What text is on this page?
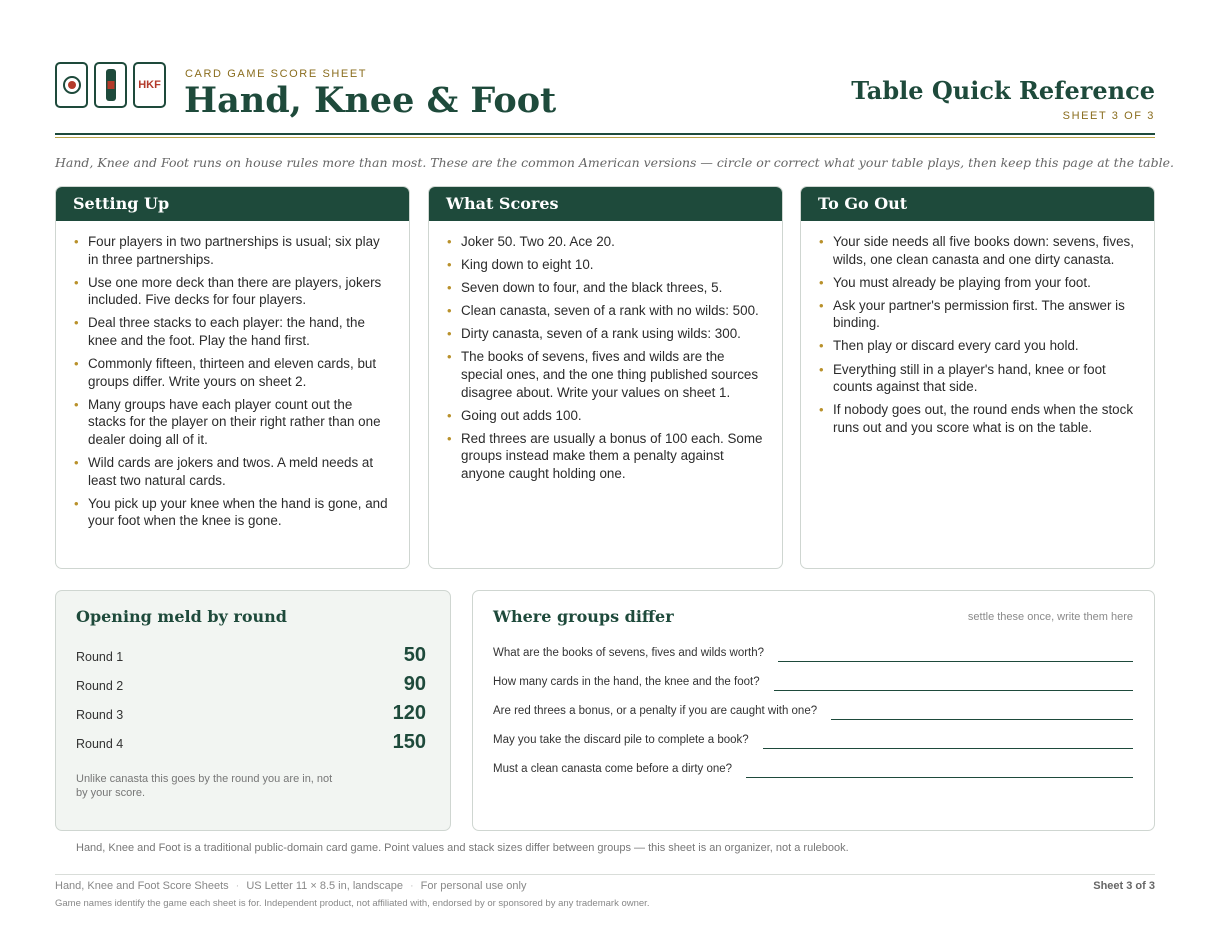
HKF
CARD GAME SCORE SHEET
Hand, Knee & Foot	Table Quick Reference
SHEET 3 OF 3
Hand, Knee and Foot runs on house rules more than most. These are the common American versions — circle or correct what your table plays, then keep this page at the table.
Setting Up
• Four players in two partnerships is usual; six play in three partnerships.
• Use one more deck than there are players, jokers included. Five decks for four players.
• Deal three stacks to each player: the hand, the knee and the foot. Play the hand first.
• Commonly fifteen, thirteen and eleven cards, but groups differ. Write yours on sheet 2.
• Many groups have each player count out the stacks for the player on their right rather than one dealer doing all of it.
• Wild cards are jokers and twos. A meld needs at least two natural cards.
• You pick up your knee when the hand is gone, and your foot when the knee is gone.
What Scores
• Joker 50. Two 20. Ace 20.
• King down to eight 10.
• Seven down to four, and the black threes, 5.
• Clean canasta, seven of a rank with no wilds: 500.
• Dirty canasta, seven of a rank using wilds: 300.
• The books of sevens, fives and wilds are the special ones, and the one thing published sources disagree about. Write your values on sheet 1.
• Going out adds 100.
• Red threes are usually a bonus of 100 each. Some groups instead make them a penalty against anyone caught holding one.
To Go Out
• Your side needs all five books down: sevens, fives, wilds, one clean canasta and one dirty canasta.
• You must already be playing from your foot.
• Ask your partner's permission first. The answer is binding.
• Then play or discard every card you hold.
• Everything still in a player's hand, knee or foot counts against that side.
• If nobody goes out, the round ends when the stock runs out and you score what is on the table.
Opening meld by round
Round 1	50
Round 2	90
Round 3	120
Round 4	150
Unlike canasta this goes by the round you are in, not by your score.
Where groups differ	settle these once, write them here
What are the books of sevens, fives and wilds worth?
How many cards in the hand, the knee and the foot?
Are red threes a bonus, or a penalty if you are caught with one?
May you take the discard pile to complete a book?
Must a clean canasta come before a dirty one?
Hand, Knee and Foot is a traditional public-domain card game. Point values and stack sizes differ between groups — this sheet is an organizer, not a rulebook.
Hand, Knee and Foot Score Sheets · US Letter 11 × 8.5 in, landscape · For personal use only	Sheet 3 of 3
Game names identify the game each sheet is for. Independent product, not affiliated with, endorsed by or sponsored by any trademark owner.
